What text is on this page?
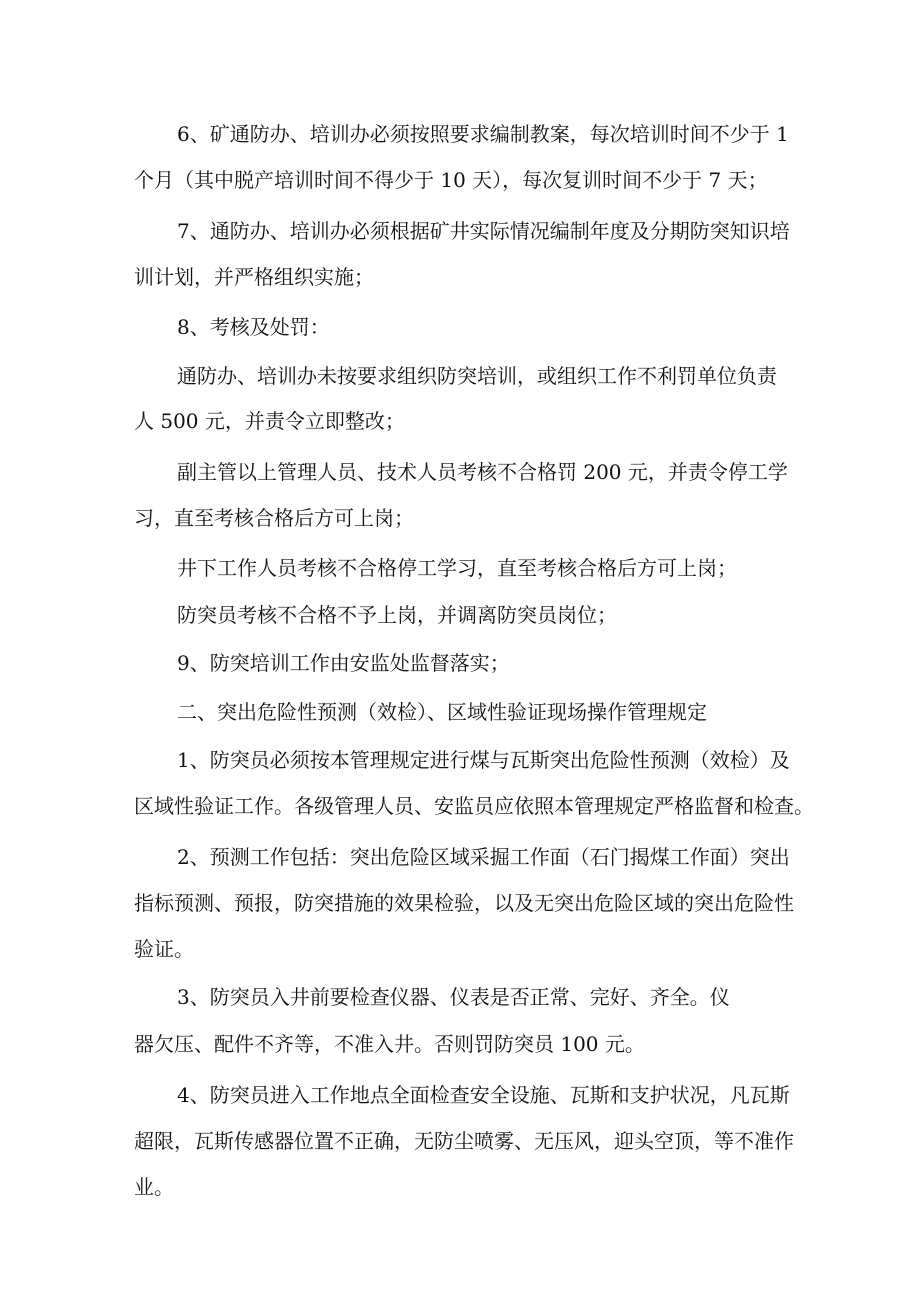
6、矿通防办、培训办必须按照要求编制教案，每次培训时间不少于 1
个月（其中脱产培训时间不得少于 10 天），每次复训时间不少于 7 天；
7、通防办、培训办必须根据矿井实际情况编制年度及分期防突知识培
训计划，并严格组织实施；
8、考核及处罚：
通防办、培训办未按要求组织防突培训，或组织工作不利罚单位负责
人 500 元，并责令立即整改；
副主管以上管理人员、技术人员考核不合格罚 200 元，并责令停工学
习，直至考核合格后方可上岗；
井下工作人员考核不合格停工学习，直至考核合格后方可上岗；
防突员考核不合格不予上岗，并调离防突员岗位；
9、防突培训工作由安监处监督落实；
二、突出危险性预测（效检）、区域性验证现场操作管理规定
1、防突员必须按本管理规定进行煤与瓦斯突出危险性预测（效检）及
区域性验证工作。各级管理人员、安监员应依照本管理规定严格监督和检查。
2、预测工作包括：突出危险区域采掘工作面（石门揭煤工作面）突出
指标预测、预报，防突措施的效果检验，以及无突出危险区域的突出危险性
验证。
3、防突员入井前要检查仪器、仪表是否正常、完好、齐全。仪
器欠压、配件不齐等，不准入井。否则罚防突员 100 元。
4、防突员进入工作地点全面检查安全设施、瓦斯和支护状况，凡瓦斯
超限，瓦斯传感器位置不正确，无防尘喷雾、无压风，迎头空顶，等不准作
业。
